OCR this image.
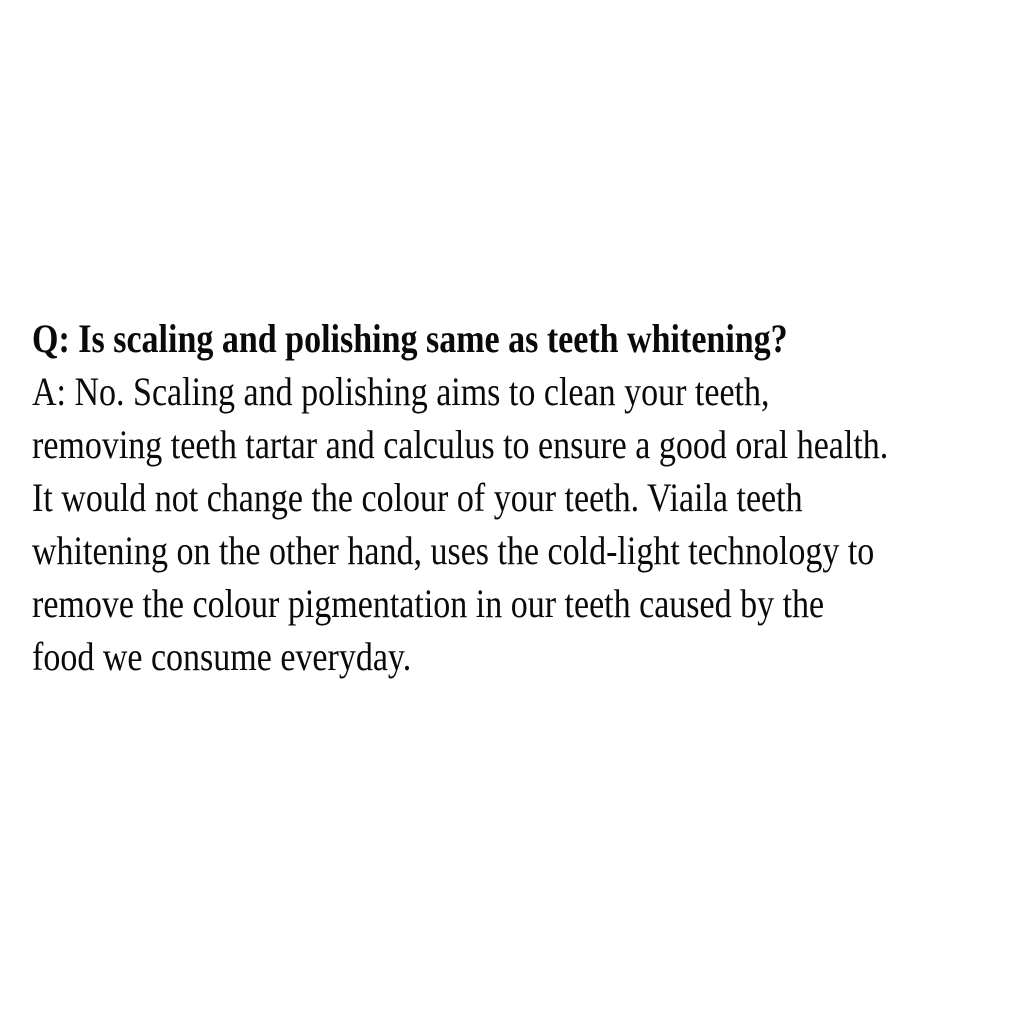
Q: Is scaling and polishing same as teeth whitening?
A: No. Scaling and polishing aims to clean your teeth,
removing teeth tartar and calculus to ensure a good oral health.
It would not change the colour of your teeth. Viaila teeth
whitening on the other hand, uses the cold-light technology to
remove the colour pigmentation in our teeth caused by the
food we consume everyday.
